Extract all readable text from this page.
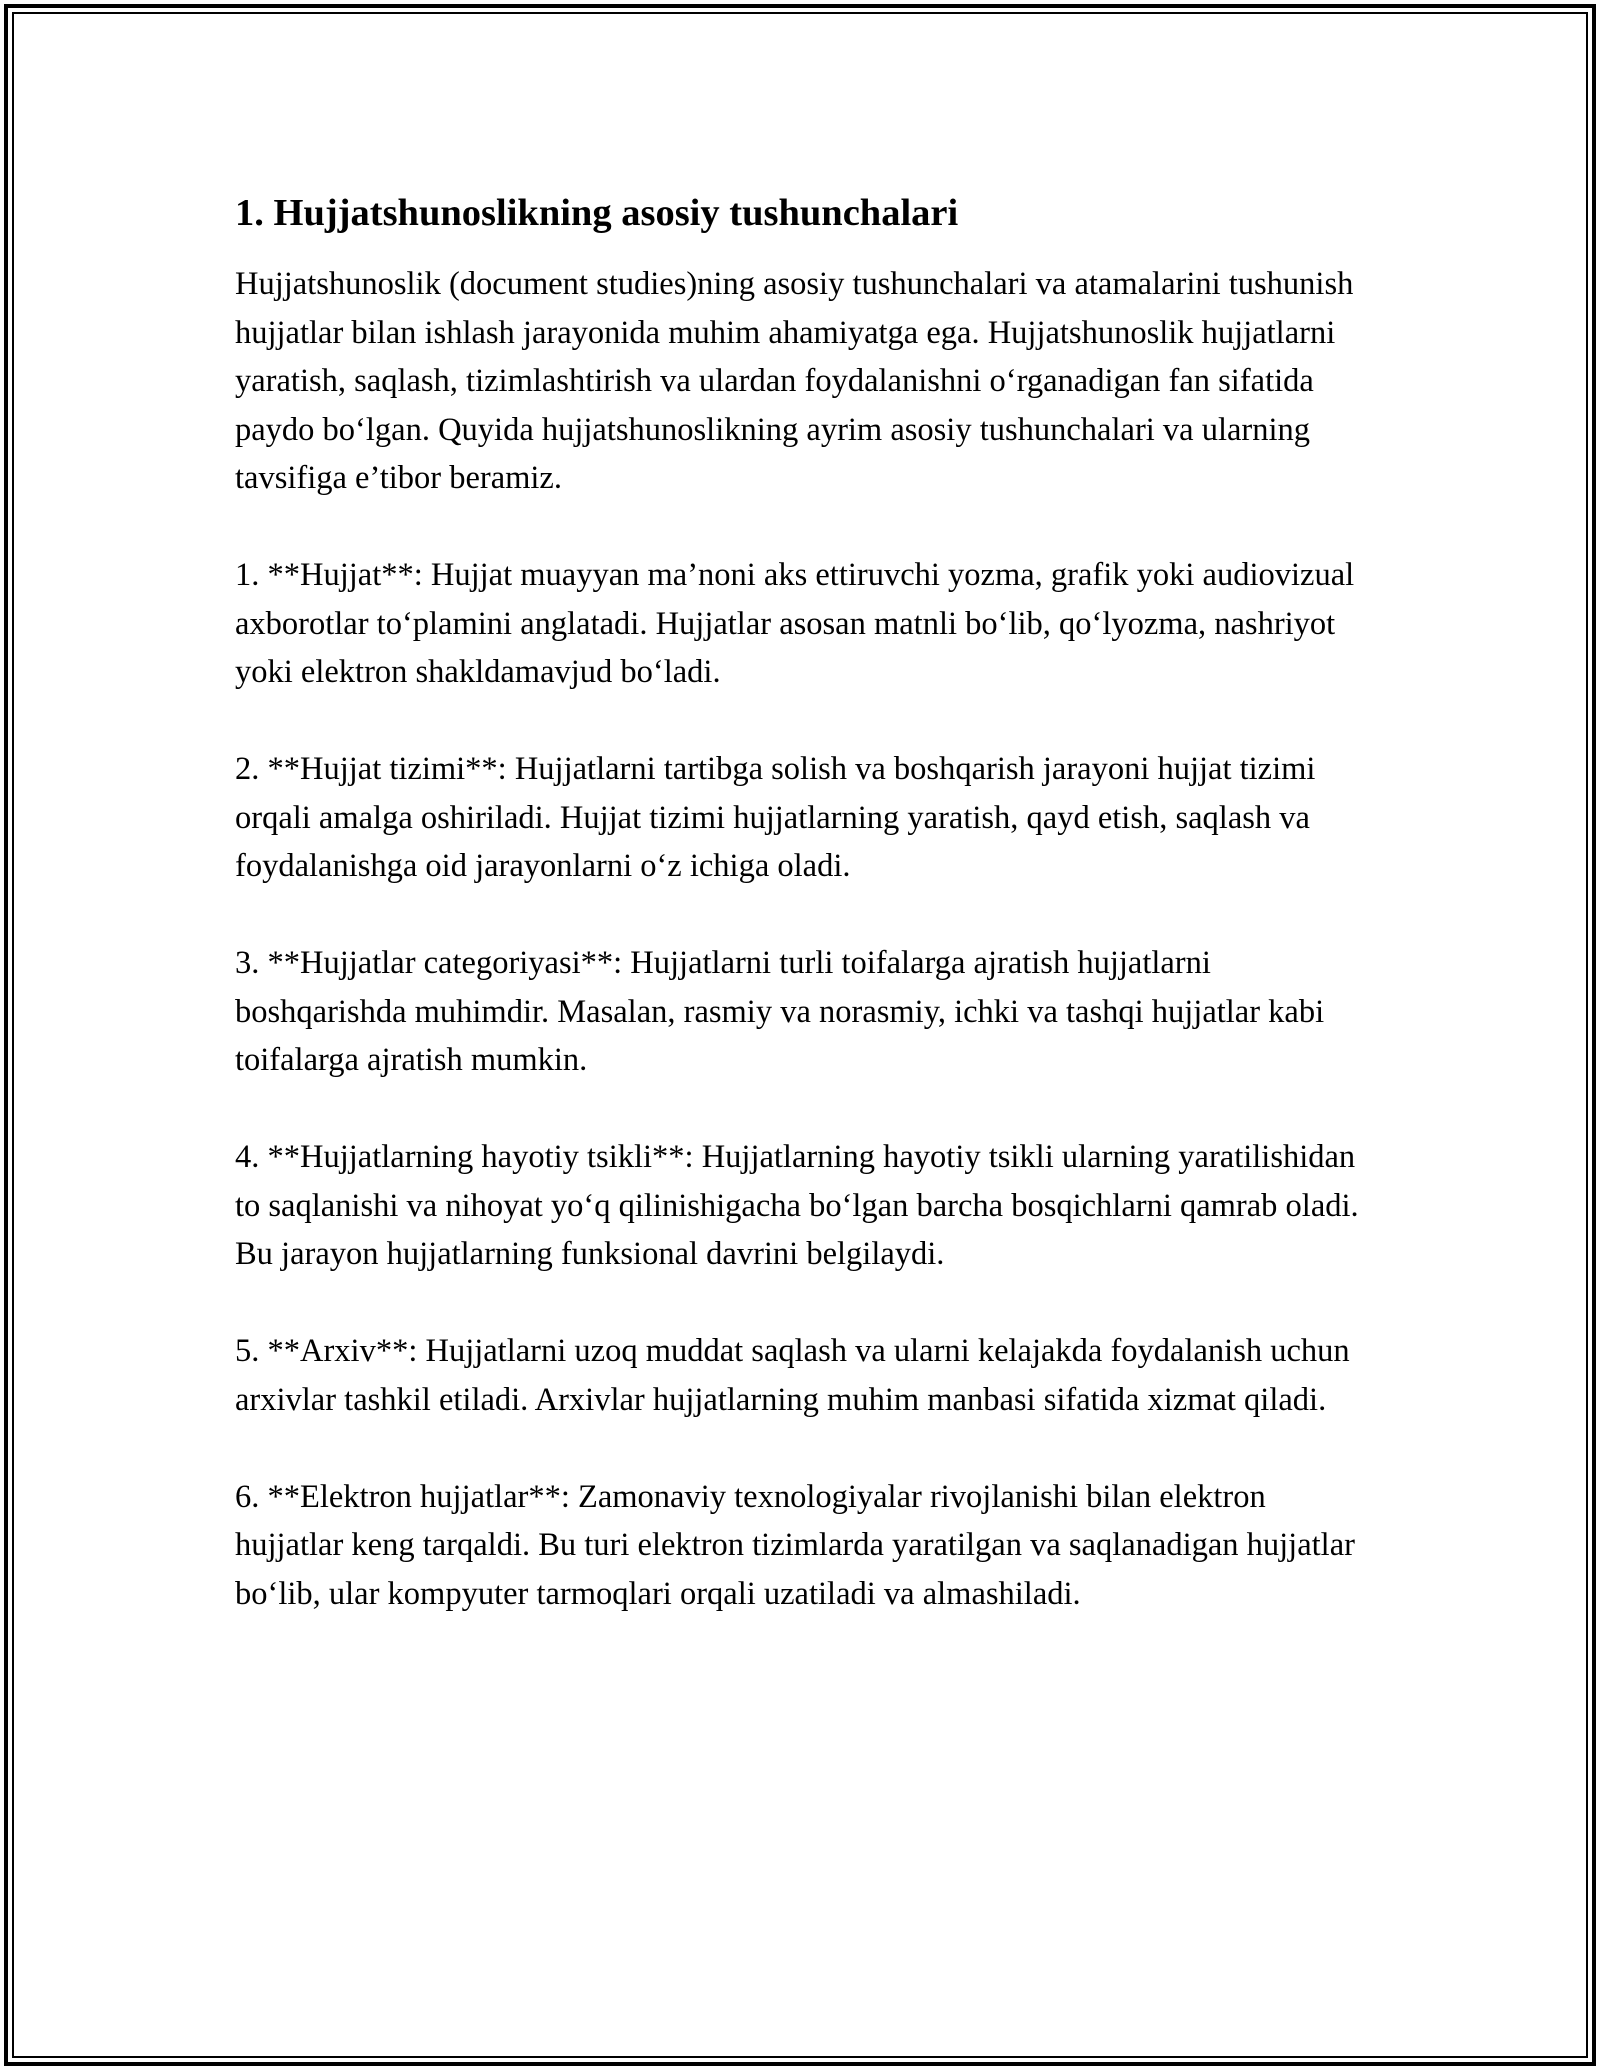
1. Hujjatshunoslikning asosiy tushunchalari

Hujjatshunoslik (document studies)ning asosiy tushunchalari va atamalarini tushunish hujjatlar bilan ishlash jarayonida muhim ahamiyatga ega. Hujjatshunoslik hujjatlarni yaratish, saqlash, tizimlashtirish va ulardan foydalanishni o‘rganadigan fan sifatida paydo bo‘lgan. Quyida hujjatshunoslikning ayrim asosiy tushunchalari va ularning tavsifiga e’tibor beramiz.

1. **Hujjat**: Hujjat muayyan ma’noni aks ettiruvchi yozma, grafik yoki audiovizual axborotlar to‘plamini anglatadi. Hujjatlar asosan matnli bo‘lib, qo‘lyozma, nashriyot yoki elektron shakldamavjud bo‘ladi.

2. **Hujjat tizimi**: Hujjatlarni tartibga solish va boshqarish jarayoni hujjat tizimi orqali amalga oshiriladi. Hujjat tizimi hujjatlarning yaratish, qayd etish, saqlash va foydalanishga oid jarayonlarni o‘z ichiga oladi.

3. **Hujjatlar categoriyasi**: Hujjatlarni turli toifalarga ajratish hujjatlarni boshqarishda muhimdir. Masalan, rasmiy va norasmiy, ichki va tashqi hujjatlar kabi toifalarga ajratish mumkin.

4. **Hujjatlarning hayotiy tsikli**: Hujjatlarning hayotiy tsikli ularning yaratilishidan to saqlanishi va nihoyat yo‘q qilinishigacha bo‘lgan barcha bosqichlarni qamrab oladi. Bu jarayon hujjatlarning funksional davrini belgilaydi.

5. **Arxiv**: Hujjatlarni uzoq muddat saqlash va ularni kelajakda foydalanish uchun arxivlar tashkil etiladi. Arxivlar hujjatlarning muhim manbasi sifatida xizmat qiladi.

6. **Elektron hujjatlar**: Zamonaviy texnologiyalar rivojlanishi bilan elektron hujjatlar keng tarqaldi. Bu turi elektron tizimlarda yaratilgan va saqlanadigan hujjatlar bo‘lib, ular kompyuter tarmoqlari orqali uzatiladi va almashiladi.
